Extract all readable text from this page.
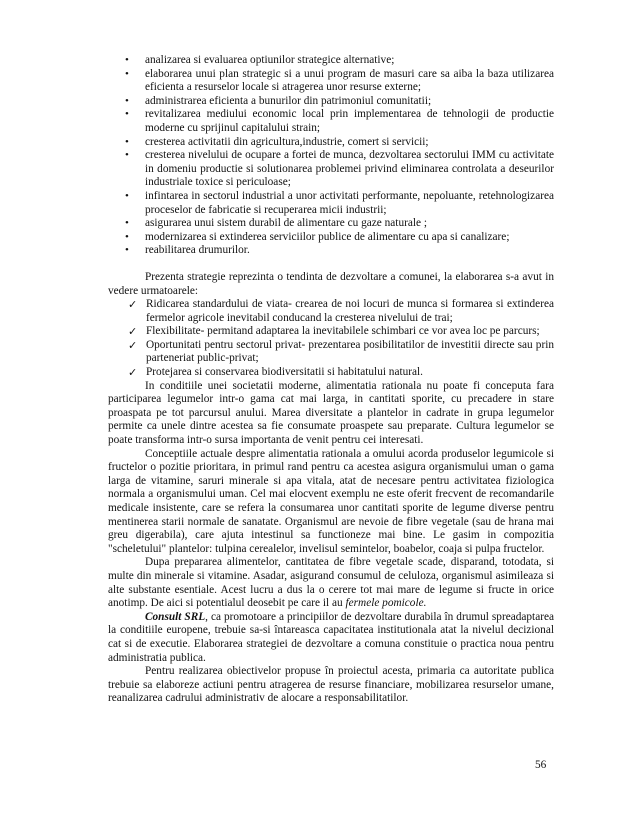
• analizarea si evaluarea optiunilor strategice alternative;
• elaborarea unui plan strategic si a unui program de masuri care sa aiba la baza utilizarea eficienta a resurselor locale si atragerea unor resurse externe;
• administrarea eficienta a bunurilor din patrimoniul comunitatii;
• revitalizarea mediului economic local prin implementarea de tehnologii de productie moderne cu sprijinul capitalului strain;
• cresterea activitatii din agricultura,industrie, comert si servicii;
• cresterea nivelului de ocupare a fortei de munca, dezvoltarea sectorului IMM cu activitate in domeniu productie si solutionarea problemei privind eliminarea controlata a deseurilor industriale toxice si periculoase;
• infintarea in sectorul industrial a unor activitati performante, nepoluante, retehnologizarea proceselor de fabricatie si recuperarea micii industrii;
• asigurarea unui sistem durabil de alimentare cu gaze naturale ;
• modernizarea si extinderea serviciilor publice de alimentare cu apa si canalizare;
• reabilitarea drumurilor.

Prezenta strategie reprezinta o tendinta de dezvoltare a comunei, la elaborarea s-a avut in vedere urmatoarele:

✓ Ridicarea standardului de viata- crearea de noi locuri de munca si formarea si extinderea fermelor agricole inevitabil conducand la cresterea nivelului de trai;
✓ Flexibilitate- permitand adaptarea la inevitabilele schimbari ce vor avea loc pe parcurs;
✓ Oportunitati pentru sectorul privat- prezentarea posibilitatilor de investitii directe sau prin parteneriat public-privat;
✓ Protejarea si conservarea biodiversitatii si habitatului natural.

In conditiile unei societatii moderne, alimentatia rationala nu poate fi conceputa fara participarea legumelor intr-o gama cat mai larga, in cantitati sporite, cu precadere in stare proaspata pe tot parcursul anului. Marea diversitate a plantelor in cadrate in grupa legumelor permite ca unele dintre acestea sa fie consumate proaspete sau preparate. Cultura legumelor se poate transforma intr-o sursa importanta de venit pentru cei interesati.

Conceptiile actuale despre alimentatia rationala a omului acorda produselor legumicole si fructelor o pozitie prioritara, in primul rand pentru ca acestea asigura organismului uman o gama larga de vitamine, saruri minerale si apa vitala, atat de necesare pentru activitatea fiziologica normala a organismului uman. Cel mai elocvent exemplu ne este oferit frecvent de recomandarile medicale insistente, care se refera la consumarea unor cantitati sporite de legume diverse pentru mentinerea starii normale de sanatate. Organismul are nevoie de fibre vegetale (sau de hrana mai greu digerabila), care ajuta intestinul sa functioneze mai bine. Le gasim in compozitia "scheletului" plantelor: tulpina cerealelor, invelisul semintelor, boabelor, coaja si pulpa fructelor.

Dupa prepararea alimentelor, cantitatea de fibre vegetale scade, disparand, totodata, si multe din minerale si vitamine. Asadar, asigurand consumul de celuloza, organismul asimileaza si alte substante esentiale. Acest lucru a dus la o cerere tot mai mare de legume si fructe in orice anotimp. De aici si potentialul deosebit pe care il au fermele pomicole.

Consult SRL, ca promotoare a principiilor de dezvoltare durabila în drumul spreadaptarea la conditiile europene, trebuie sa-si întareasca capacitatea institutionala atat la nivelul decizional cat si de executie. Elaborarea strategiei de dezvoltare a comuna constituie o practica noua pentru administratia publica.

Pentru realizarea obiectivelor propuse în proiectul acesta, primaria ca autoritate publica trebuie sa elaboreze actiuni pentru atragerea de resurse financiare, mobilizarea resurselor umane, reanalizarea cadrului administrativ de alocare a responsabilitatilor.

56
